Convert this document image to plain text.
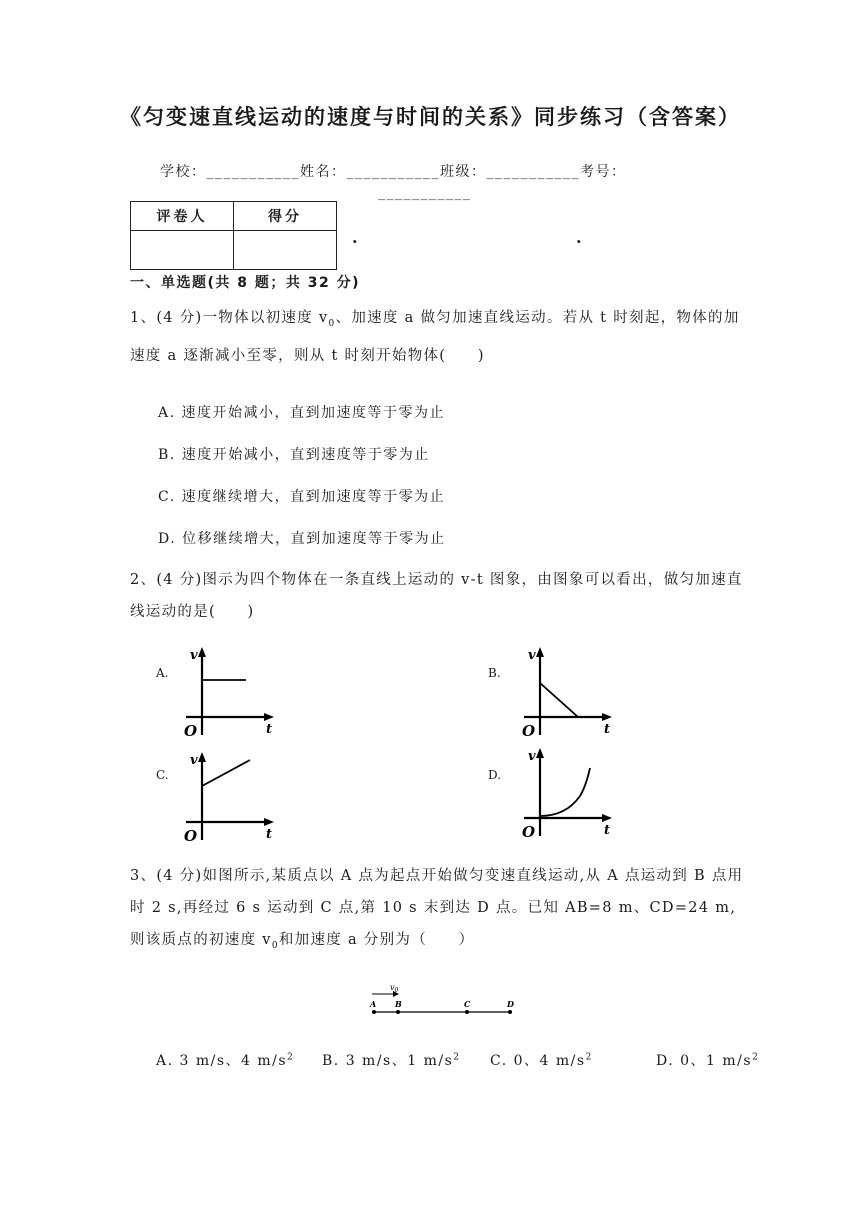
《匀变速直线运动的速度与时间的关系》同步练习（含答案）
学校：___________姓名：___________班级：___________考号：
___________
评卷人	得分

.	.
一、单选题(共 8 题；共 32 分)
1、(4 分)一物体以初速度 $v_0$、加速度 a 做匀加速直线运动。若从 t 时刻起，物体的加速度 a 逐渐减小至零，则从 t 时刻开始物体(　　)
A. 速度开始减小，直到加速度等于零为止
B. 速度开始减小，直到速度等于零为止
C. 速度继续增大，直到加速度等于零为止
D. 位移继续增大，直到加速度等于零为止
2、(4 分)图示为四个物体在一条直线上运动的 v-t 图象，由图象可以看出，做匀加速直线运动的是(　　)
A.	B.
C.	D.
v
t
O
v
t
O
v
t
O
v
t
O
3、(4 分)如图所示,某质点以 A 点为起点开始做匀变速直线运动,从 A 点运动到 B 点用时 2 s,再经过 6 s 运动到 C 点,第 10 s 末到达 D 点。已知 AB=8 m、CD=24 m,则该质点的初速度 $v_0$和加速度 a 分别为（　　）
$v_0$
A B	C	D
A. 3 m/s、4 $m/s^2$ B. 3 m/s、1 $m/s^2$ C. 0、4 $m/s^2$	D. 0、1 $m/s^2$
